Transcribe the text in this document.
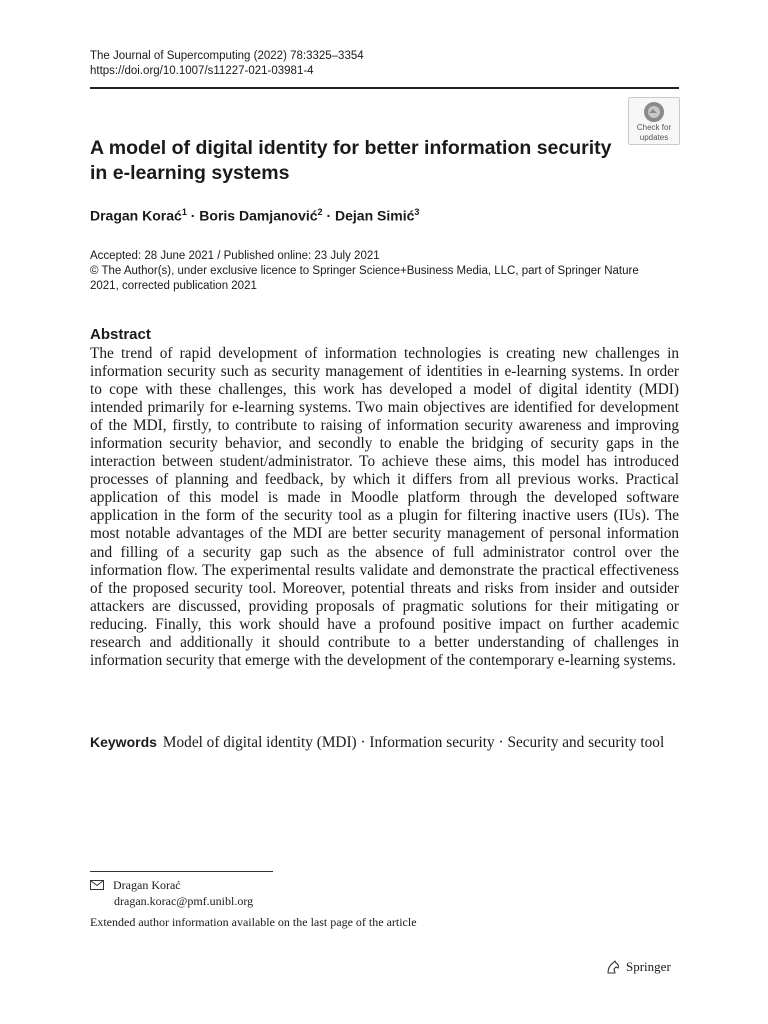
The Journal of Supercomputing (2022) 78:3325–3354
https://doi.org/10.1007/s11227-021-03981-4
Check for
updates
A model of digital identity for better information security
in e-learning systems
Dragan Korać$^1$ · Boris Damjanović$^2$ · Dejan Simić$^3$
Accepted: 28 June 2021 / Published online: 23 July 2021
© The Author(s), under exclusive licence to Springer Science+Business Media, LLC, part of Springer Nature
2021, corrected publication 2021
Abstract

The trend of rapid development of information technologies is creating new challenges in information security such as security management of identities in e-learning systems. In order to cope with these challenges, this work has developed a model of digital identity (MDI) intended primarily for e-learning systems. Two main objectives are identified for development of the MDI, firstly, to contribute to raising of information security awareness and improving information security behavior, and secondly to enable the bridging of security gaps in the interaction between student/administrator. To achieve these aims, this model has introduced processes of planning and feedback, by which it differs from all previous works. Practical application of this model is made in Moodle platform through the developed software application in the form of the security tool as a plugin for filtering inactive users (IUs). The most notable advantages of the MDI are better security management of personal information and filling of a security gap such as the absence of full administrator control over the information flow. The experimental results validate and demonstrate the practical effectiveness of the proposed security tool. Moreover, potential threats and risks from insider and outsider attackers are discussed, providing proposals of pragmatic solutions for their mitigating or reducing. Finally, this work should have a profound positive impact on further academic research and additionally it should contribute to a better understanding of challenges in information security that emerge with the development of the contemporary e-learning systems.

Keywords Model of digital identity (MDI) · Information security · Security and security tool
Dragan Korać
dragan.korac@pmf.unibl.org
Extended author information available on the last page of the article
Springer
